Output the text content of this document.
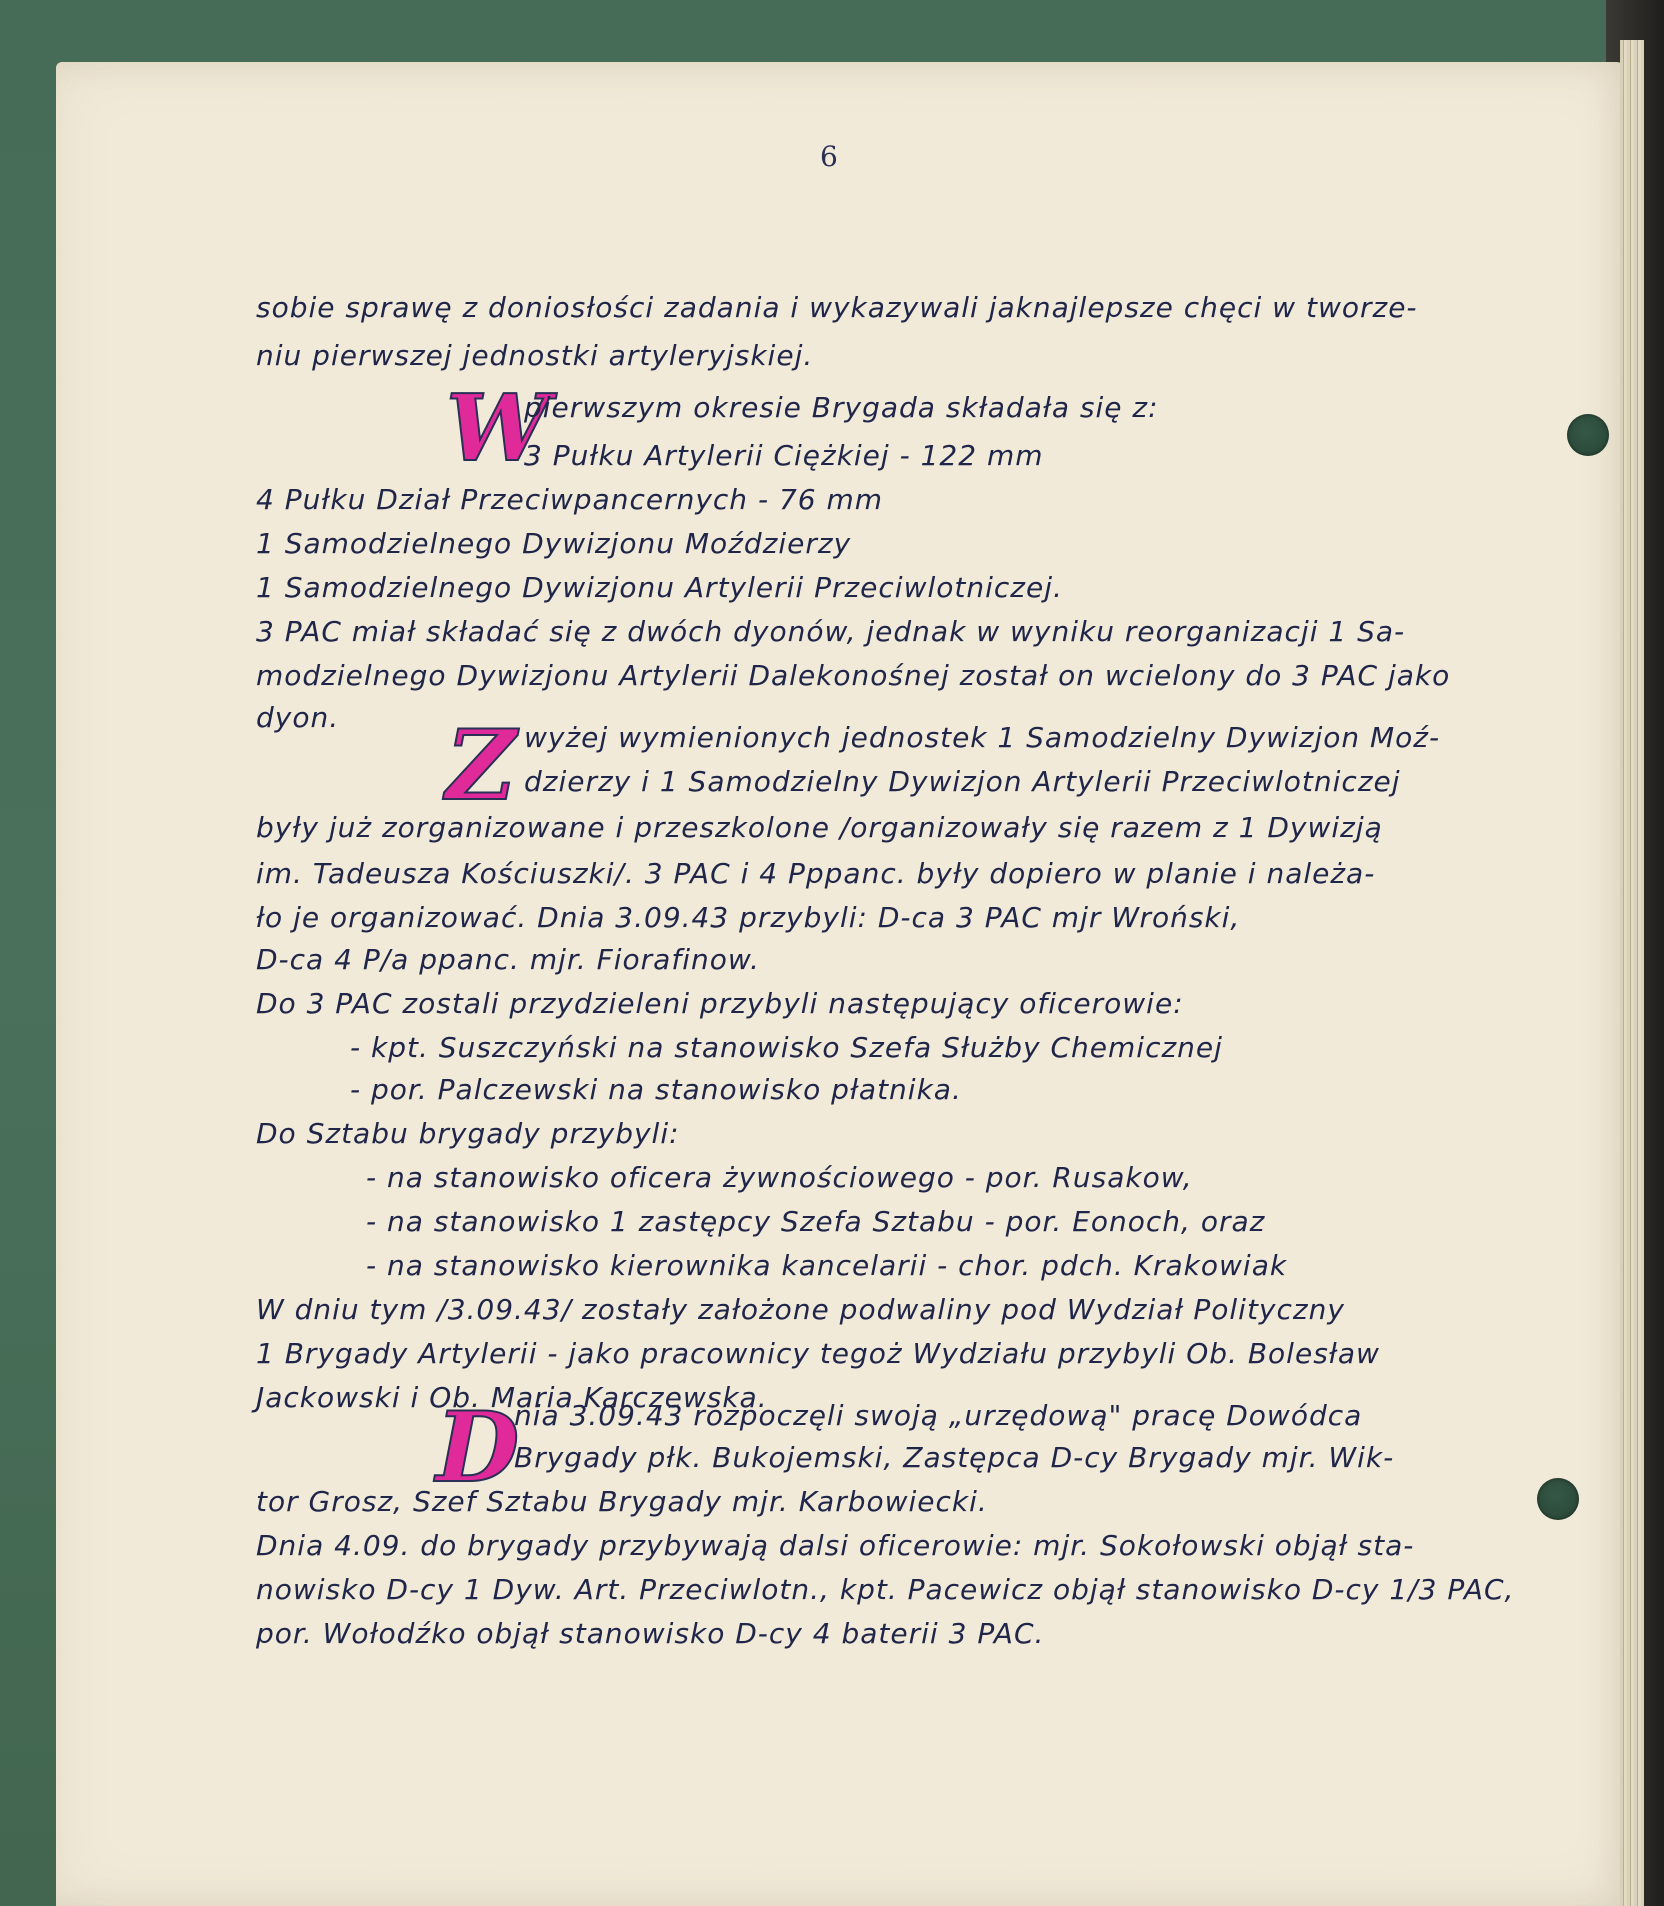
6
sobie sprawę z doniosłości zadania i wykazywali jaknajlepsze chęci w tworze-
niu pierwszej jednostki artyleryjskiej.
W
pierwszym okresie Brygada składała się z:
3 Pułku Artylerii Ciężkiej - 122 mm
4 Pułku Dział Przeciwpancernych - 76 mm
1 Samodzielnego Dywizjonu Moździerzy
1 Samodzielnego Dywizjonu Artylerii Przeciwlotniczej.
3 PAC miał składać się z dwóch dyonów, jednak w wyniku reorganizacji 1 Sa-
modzielnego Dywizjonu Artylerii Dalekonośnej został on wcielony do 3 PAC jako
dyon. Z wyżej wymienionych jednostek 1 Samodzielny Dywizjon Moź-
dzierzy i 1 Samodzielny Dywizjon Artylerii Przeciwlotniczej
były już zorganizowane i przeszkolone /organizowały się razem z 1 Dywizją
im. Tadeusza Kościuszki/. 3 PAC i 4 Pppanc. były dopiero w planie i należa-
ło je organizować. Dnia 3.09.43 przybyli: D-ca 3 PAC mjr Wroński,
D-ca 4 P/a ppanc. mjr. Fiorafinow.
Do 3 PAC zostali przydzieleni przybyli następujący oficerowie:
- kpt. Suszczyński na stanowisko Szefa Służby Chemicznej
- por. Palczewski na stanowisko płatnika.
Do Sztabu brygady przybyli:
- na stanowisko oficera żywnościowego - por. Rusakow,
- na stanowisko 1 zastępcy Szefa Sztabu - por. Eonoch, oraz
- na stanowisko kierownika kancelarii - chor. pdch. Krakowiak
W dniu tym /3.09.43/ zostały założone podwaliny pod Wydział Polityczny
1 Brygady Artylerii - jako pracownicy tegoż Wydziału przybyli Ob. Bolesław
Jackowski i Ob. Maria Karczewska.
D
nia 3.09.43 rozpoczęli swoją „urzędową" pracę Dowódca
Brygady płk. Bukojemski, Zastępca D-cy Brygady mjr. Wik-
tor Grosz, Szef Sztabu Brygady mjr. Karbowiecki.
Dnia 4.09. do brygady przybywają dalsi oficerowie: mjr. Sokołowski objął sta-
nowisko D-cy 1 Dyw. Art. Przeciwlotn., kpt. Pacewicz objął stanowisko D-cy 1/3 PAC,
por. Wołodźko objął stanowisko D-cy 4 baterii 3 PAC.
